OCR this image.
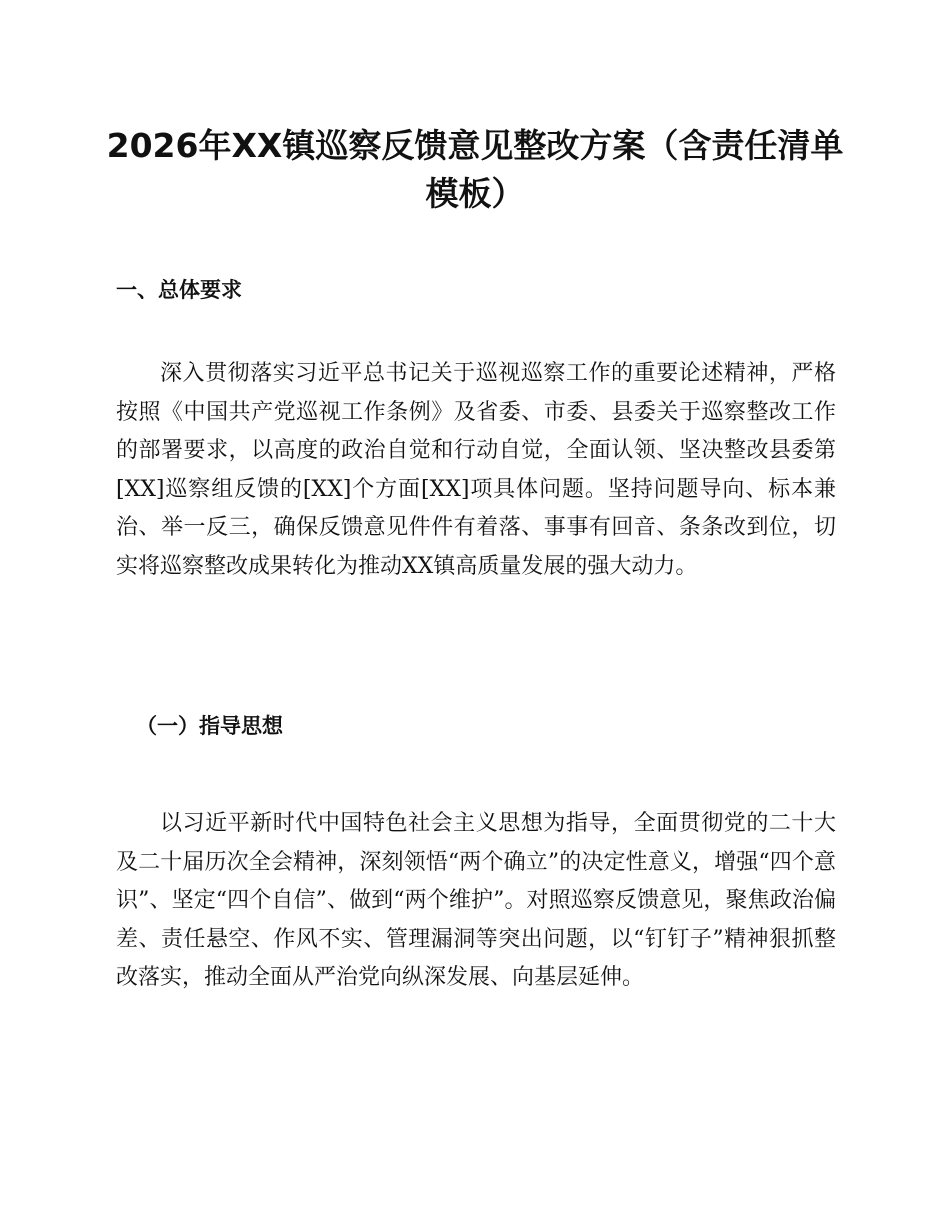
2026年XX镇巡察反馈意见整改方案（含责任清单模板）
一、总体要求

深入贯彻落实习近平总书记关于巡视巡察工作的重要论述精神，严格按照《中国共产党巡视工作条例》及省委、市委、县委关于巡察整改工作的部署要求，以高度的政治自觉和行动自觉，全面认领、坚决整改县委第[XX]巡察组反馈的[XX]个方面[XX]项具体问题。坚持问题导向、标本兼治、举一反三，确保反馈意见件件有着落、事事有回音、条条改到位，切实将巡察整改成果转化为推动XX镇高质量发展的强大动力。

（一）指导思想

以习近平新时代中国特色社会主义思想为指导，全面贯彻党的二十大及二十届历次全会精神，深刻领悟“两个确立”的决定性意义，增强“四个意识”、坚定“四个自信”、做到“两个维护”。对照巡察反馈意见，聚焦政治偏差、责任悬空、作风不实、管理漏洞等突出问题，以“钉钉子”精神狠抓整改落实，推动全面从严治党向纵深发展、向基层延伸。
